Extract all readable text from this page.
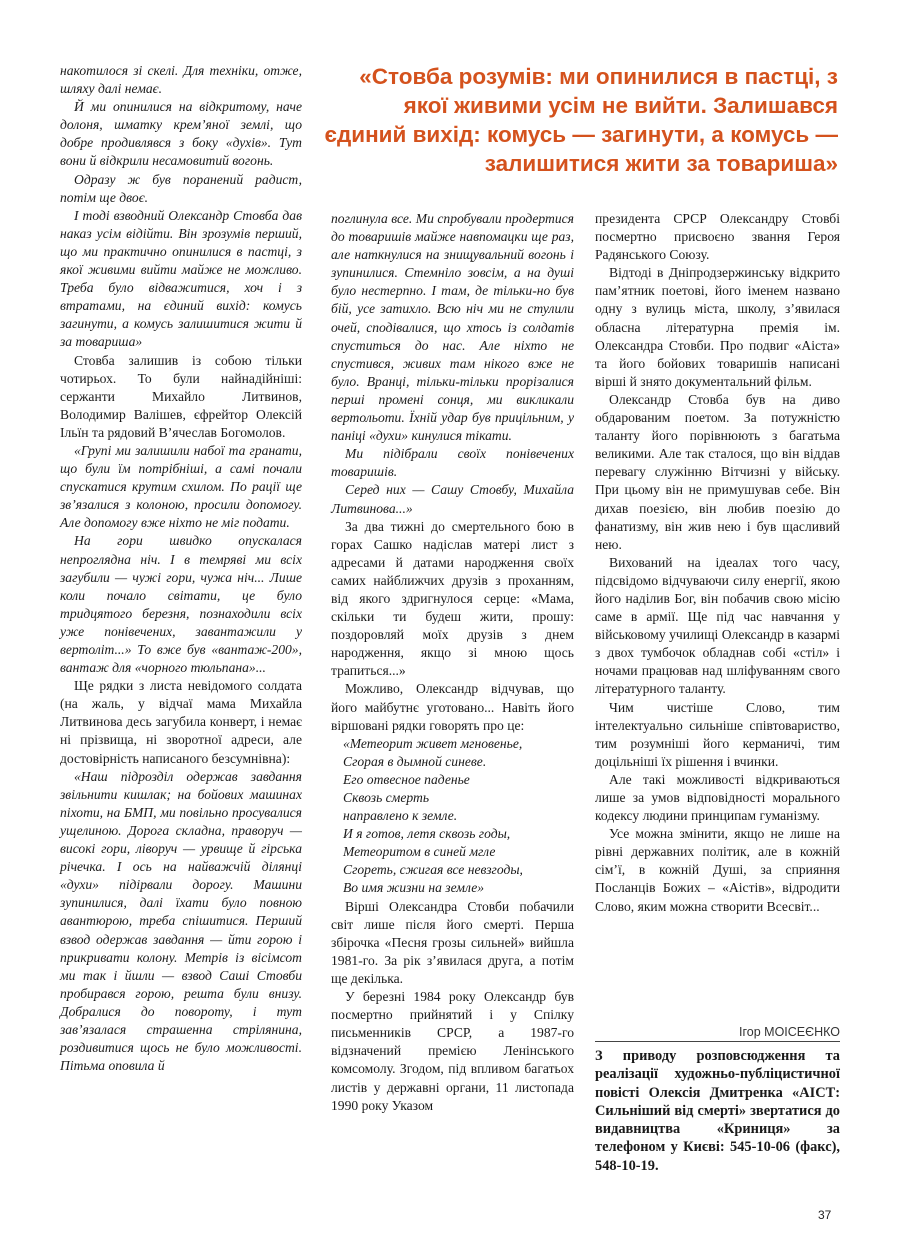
«Стовба розумів: ми опинилися в пастці, з якої живими усім не вийти. Залишався єдиний вихід: комусь — загинути, а комусь — залишитися жити за товариша»

накотилося зі скелі. Для техніки, отже, шляху далі немає.

Й ми опинилися на відкритому, наче долоня, шматку крем’яної землі, що добре продивлявся з боку «духів». Тут вони й відкрили несамовитий вогонь.

Одразу ж був поранений радист, потім ще двоє.

І тоді взводний Олександр Стовба дав наказ усім відійти. Він зрозумів перший, що ми практично опинилися в пастці, з якої живими вийти майже не можливо. Треба було відважитися, хоч і з втратами, на єдиний вихід: комусь загинути, а комусь залишитися жити й за товариша»

Стовба залишив із собою тільки чотирьох. То були найнадійніші: сержанти Михайло Литвинов, Володимир Валішев, єфрейтор Олексій Ільїн та рядовий В’ячеслав Богомолов.

«Групі ми залишили набої та гранати, що були їм потрібніші, а самі почали спускатися крутим схилом. По рації ще зв’язалися з колоною, просили допомогу. Але допомогу вже ніхто не міг подати.

На гори швидко опускалася непроглядна ніч. І в темряві ми всіх загубили — чужі гори, чужа ніч... Лише коли почало світати, це було тридцятого березня, познаходили всіх уже понівечених, завантажили у вертоліт...» То вже був «вантаж-200», вантаж для «чорного тюльпана»...

Ще рядки з листа невідомого солдата (на жаль, у відчаї мама Михайла Литвинова десь загубила конверт, і немає ні прізвища, ні зворотної адреси, але достовірність написаного безсумнівна):

«Наш підрозділ одержав завдання звільнити кишлак; на бойових машинах піхоти, на БМП, ми повільно просувалися ущелиною. Дорога складна, праворуч — високі гори, ліворуч — урвище й гірська річечка. І ось на найважчій ділянці «духи» підірвали дорогу. Машини зупинилися, далі їхати було повною авантюрою, треба спішитися. Перший взвод одержав завдання — йти горою і прикривати колону. Метрів із вісімсот ми так і йшли — взвод Саші Стовби пробирався горою, решта були внизу. Добралися до повороту, і тут зав’язалася страшенна стрілянина, роздивитися щось не було можливості. Пітьма оповила й

поглинула все. Ми спробували продертися до товаришів майже навпомацки ще раз, але наткнулися на знищувальний вогонь і зупинилися. Стемніло зовсім, а на душі було нестерпно. І там, де тільки-но був бій, усе затихло. Всю ніч ми не стулили очей, сподівалися, що хтось із солдатів спуститься до нас. Але ніхто не спустився, живих там нікого вже не було. Вранці, тільки-тільки прорізалися перші промені сонця, ми викликали вертольоти. Їхній удар був прицільним, у паніці «духи» кинулися тікати.

Ми підібрали своїх понівечених товаришів.

Серед них — Сашу Стовбу, Михайла Литвинова...»

За два тижні до смертельного бою в горах Сашко надіслав матері лист з адресами й датами народження своїх самих найближчих друзів з проханням, від якого здригнулося серце: «Мама, скільки ти будеш жити, прошу: поздоровляй моїх друзів з днем народження, якщо зі мною щось трапиться...»

Можливо, Олександр відчував, що його майбутнє уготовано... Навіть його віршовані рядки говорять про це:

«Метеорит живет мгновенье,

Сгорая в дымной синеве.

Его отвесное паденье

Сквозь смерть

направлено к земле.

И я готов, летя сквозь годы,

Метеоритом в синей мгле

Сгореть, сжигая все невзгоды,

Во имя жизни на земле»

Вірші Олександра Стовби побачили світ лише після його смерті. Перша збірочка «Песня грозы сильней» вийшла 1981-го. За рік з’явилася друга, а потім ще декілька.

У березні 1984 року Олександр був посмертно прийнятий і у Спілку письменників СРСР, а 1987-го відзначений премією Ленінського комсомолу. Згодом, під впливом багатьох листів у державні органи, 11 листопада 1990 року Указом

президента СРСР Олександру Стовбі посмертно присвоєно звання Героя Радянського Союзу.

Відтоді в Дніпродзержинську відкрито пам’ятник поетові, його іменем названо одну з вулиць міста, школу, з’явилася обласна літературна премія ім. Олександра Стовби. Про подвиг «Аіста» та його бойових товаришів написані вірші й знято документальний фільм.

Олександр Стовба був на диво обдарованим поетом. За потужністю таланту його порівнюють з багатьма великими. Але так сталося, що він віддав перевагу служінню Вітчизні у війську. При цьому він не примушував себе. Він дихав поезією, він любив поезію до фанатизму, він жив нею і був щасливий нею.

Вихований на ідеалах того часу, підсвідомо відчуваючи силу енергії, якою його наділив Бог, він побачив свою місію саме в армії. Ще під час навчання у військовому училищі Олександр в казармі з двох тумбочок обладнав собі «стіл» і ночами працював над шліфуванням свого літературного таланту.

Чим чистіше Слово, тим інтелектуально сильніше співтовариство, тим розумніші його керманичі, тим доцільніші їх рішення і вчинки.

Але такі можливості відкриваються лише за умов відповідності морального кодексу людини принципам гуманізму.

Усе можна змінити, якщо не лише на рівні державних політик, але в кожній сім’ї, в кожній Душі, за сприяння Посланців Божих – «Аістів», відродити Слово, яким можна створити Всесвіт...

Ігор МОІСЕЄНКО
З приводу розповсюдження та реалізації художньо-публіцистичної повісті Олексія Дмитренка «АІСТ: Сильніший від смерті» звертатися до видавництва «Криниця» за телефоном у Києві: 545-10-06 (факс), 548-10-19.
37
